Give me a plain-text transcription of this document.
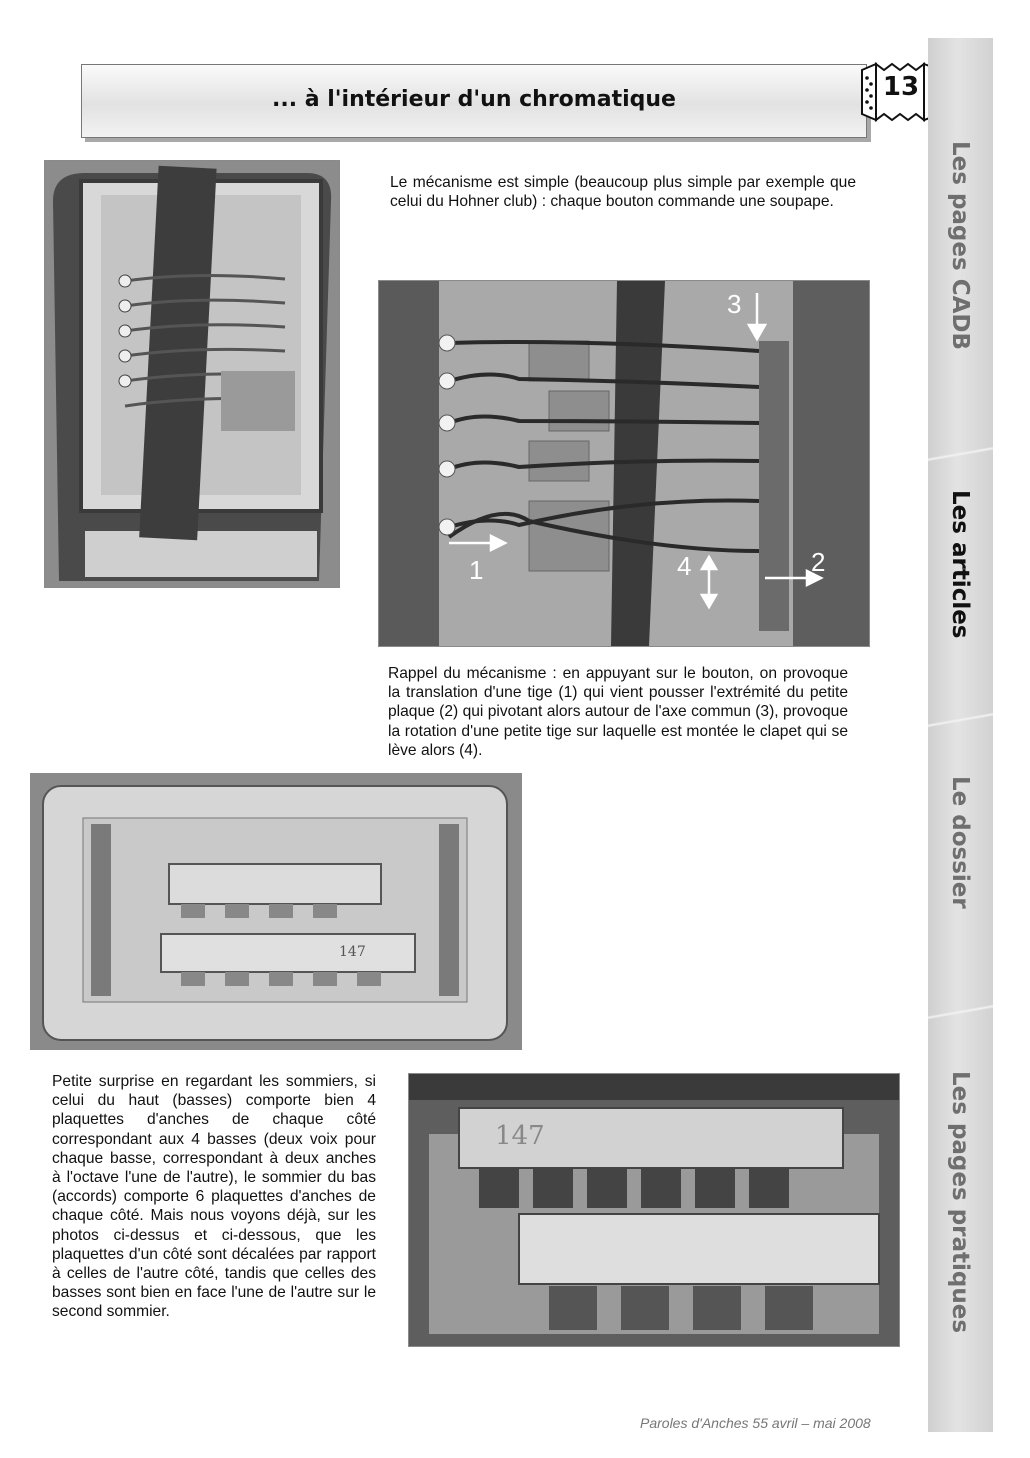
... à l'intérieur d'un chromatique	13
Les pages CADB
Les articles
Le dossier
Les pages pratiques
Le mécanisme est simple (beaucoup plus simple par exemple que celui du Hohner club) : chaque bouton commande une soupape.
3
1	4	2
Rappel du mécanisme : en appuyant sur le bouton, on provoque la translation d'une tige (1) qui vient pousser l'extrémité du petite plaque (2) qui pivotant alors autour de l'axe commun (3), provoque la rotation d'une petite tige sur laquelle est montée le clapet qui se lève alors (4).
147
Petite surprise en regardant les sommiers, si celui du haut (basses) comporte bien 4 plaquettes d'anches de chaque côté correspondant aux 4 basses (deux voix pour chaque basse, correspondant à deux anches à l'octave l'une de l'autre), le sommier du bas (accords) comporte 6 plaquettes d'anches de chaque côté. Mais nous voyons déjà, sur les photos ci-dessus et ci-dessous, que les plaquettes d'un côté sont décalées par rapport à celles de l'autre côté, tandis que celles des basses sont bien en face l'une de l'autre sur le second sommier.
147
Paroles d'Anches 55 avril – mai 2008
